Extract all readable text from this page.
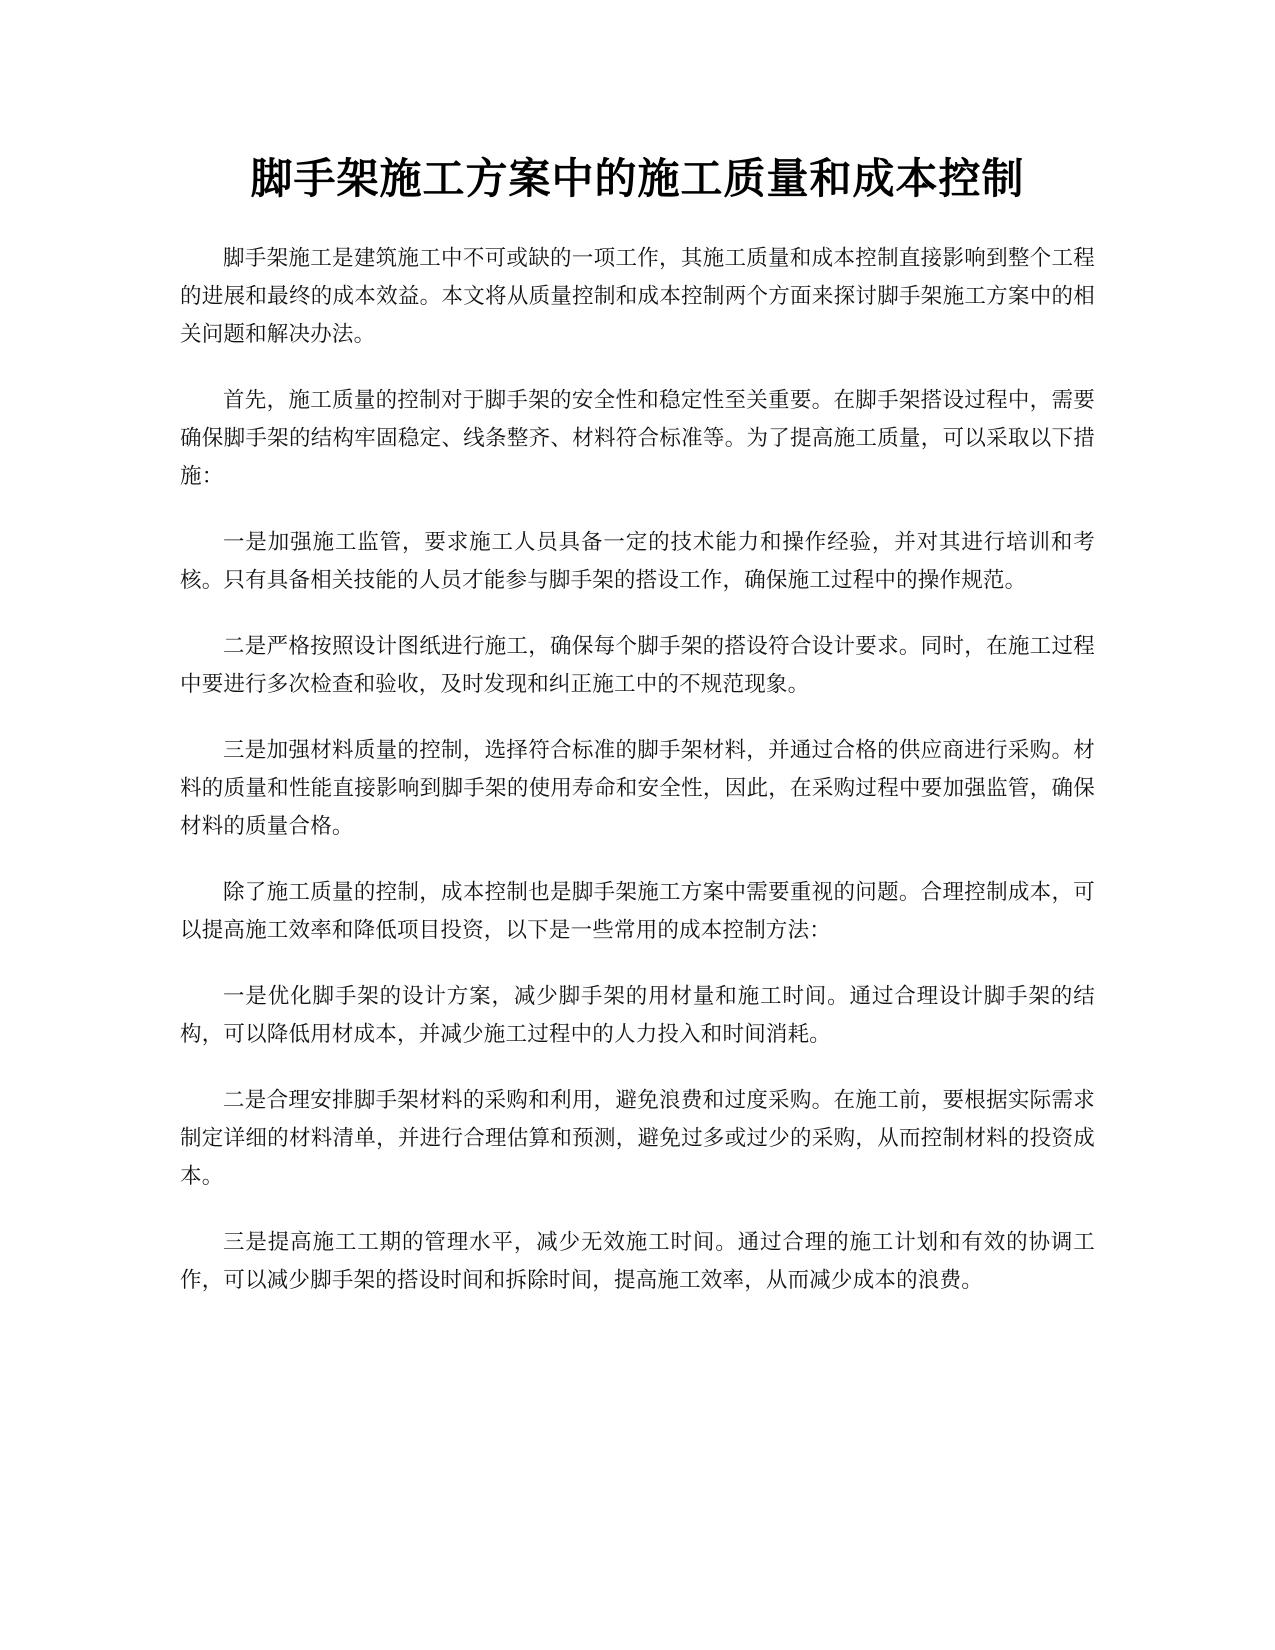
脚手架施工方案中的施工质量和成本控制

脚手架施工是建筑施工中不可或缺的一项工作，其施工质量和成本控制直接影响到整个工程的进展和最终的成本效益。本文将从质量控制和成本控制两个方面来探讨脚手架施工方案中的相关问题和解决办法。

首先，施工质量的控制对于脚手架的安全性和稳定性至关重要。在脚手架搭设过程中，需要确保脚手架的结构牢固稳定、线条整齐、材料符合标准等。为了提高施工质量，可以采取以下措施：

一是加强施工监管，要求施工人员具备一定的技术能力和操作经验，并对其进行培训和考核。只有具备相关技能的人员才能参与脚手架的搭设工作，确保施工过程中的操作规范。

二是严格按照设计图纸进行施工，确保每个脚手架的搭设符合设计要求。同时，在施工过程中要进行多次检查和验收，及时发现和纠正施工中的不规范现象。

三是加强材料质量的控制，选择符合标准的脚手架材料，并通过合格的供应商进行采购。材料的质量和性能直接影响到脚手架的使用寿命和安全性，因此，在采购过程中要加强监管，确保材料的质量合格。

除了施工质量的控制，成本控制也是脚手架施工方案中需要重视的问题。合理控制成本，可以提高施工效率和降低项目投资，以下是一些常用的成本控制方法：

一是优化脚手架的设计方案，减少脚手架的用材量和施工时间。通过合理设计脚手架的结构，可以降低用材成本，并减少施工过程中的人力投入和时间消耗。

二是合理安排脚手架材料的采购和利用，避免浪费和过度采购。在施工前，要根据实际需求制定详细的材料清单，并进行合理估算和预测，避免过多或过少的采购，从而控制材料的投资成本。

三是提高施工工期的管理水平，减少无效施工时间。通过合理的施工计划和有效的协调工作，可以减少脚手架的搭设时间和拆除时间，提高施工效率，从而减少成本的浪费。
